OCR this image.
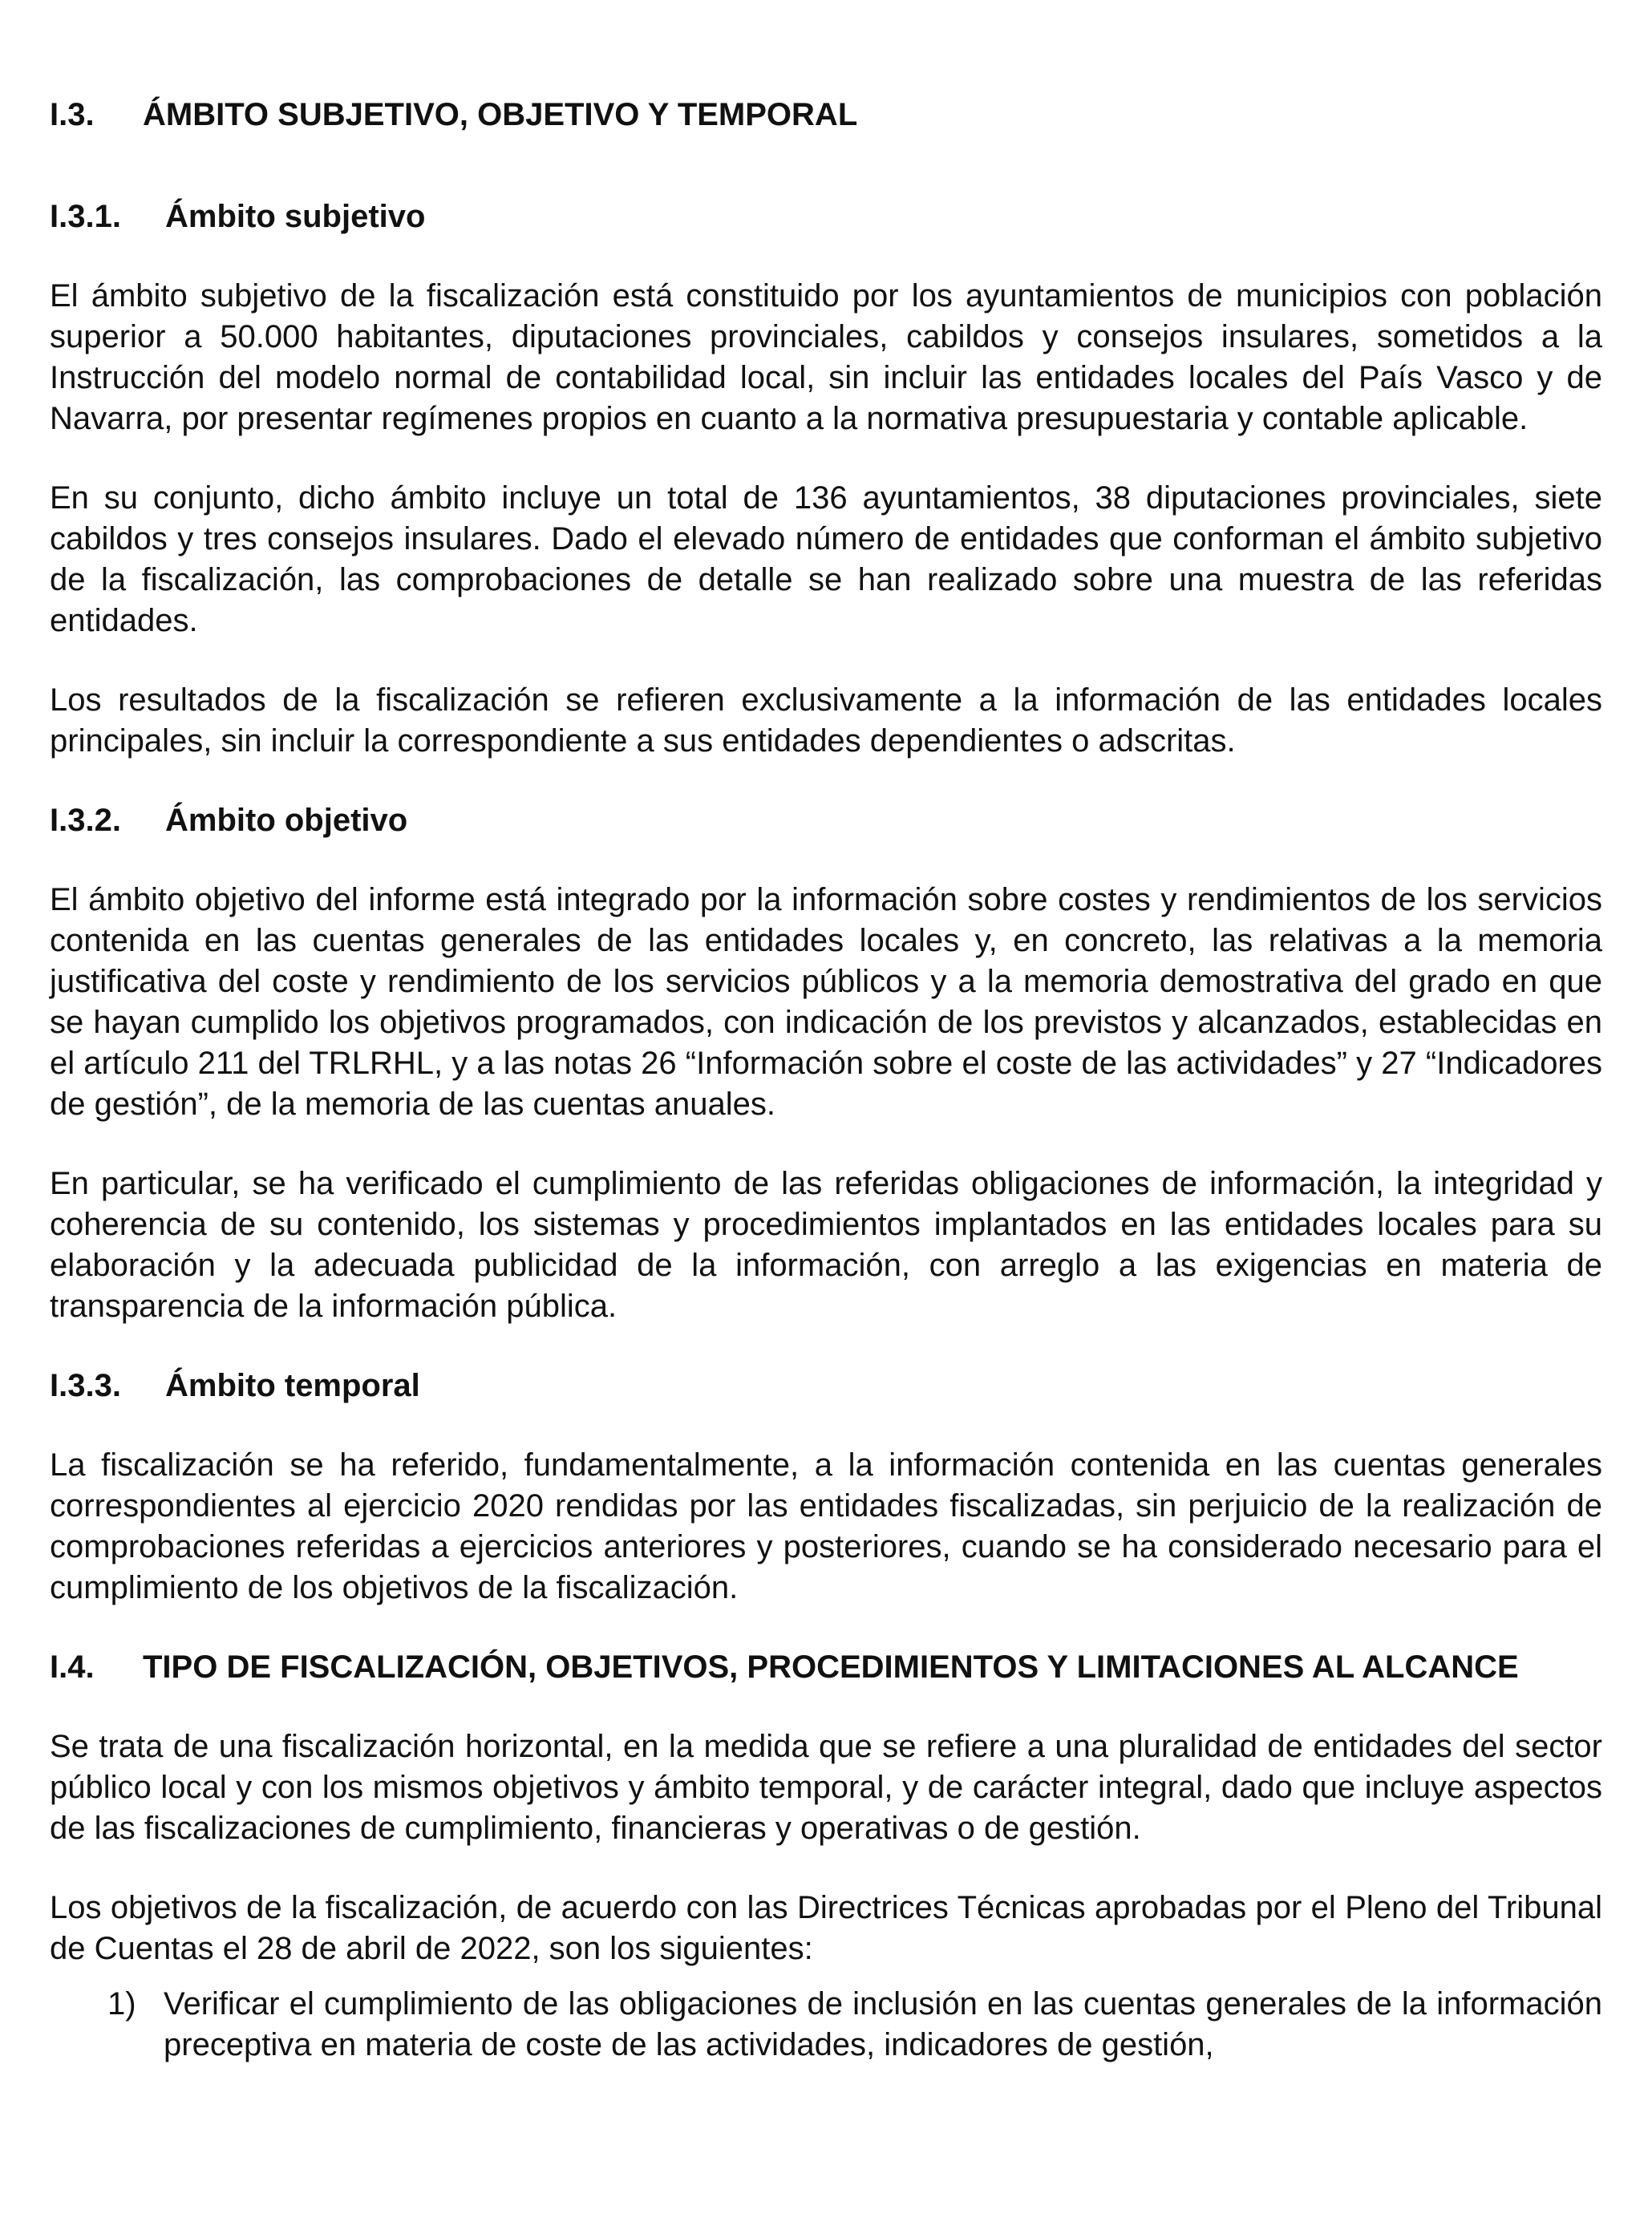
I.3.	ÁMBITO SUBJETIVO, OBJETIVO Y TEMPORAL
I.3.1.	Ámbito subjetivo

El ámbito subjetivo de la fiscalización está constituido por los ayuntamientos de municipios con población superior a 50.000 habitantes, diputaciones provinciales, cabildos y consejos insulares, sometidos a la Instrucción del modelo normal de contabilidad local, sin incluir las entidades locales del País Vasco y de Navarra, por presentar regímenes propios en cuanto a la normativa presupuestaria y contable aplicable.

En su conjunto, dicho ámbito incluye un total de 136 ayuntamientos, 38 diputaciones provinciales, siete cabildos y tres consejos insulares. Dado el elevado número de entidades que conforman el ámbito subjetivo de la fiscalización, las comprobaciones de detalle se han realizado sobre una muestra de las referidas entidades.

Los resultados de la fiscalización se refieren exclusivamente a la información de las entidades locales principales, sin incluir la correspondiente a sus entidades dependientes o adscritas.

I.3.2.	Ámbito objetivo

El ámbito objetivo del informe está integrado por la información sobre costes y rendimientos de los servicios contenida en las cuentas generales de las entidades locales y, en concreto, las relativas a la memoria justificativa del coste y rendimiento de los servicios públicos y a la memoria demostrativa del grado en que se hayan cumplido los objetivos programados, con indicación de los previstos y alcanzados, establecidas en el artículo 211 del TRLRHL, y a las notas 26 “Información sobre el coste de las actividades” y 27 “Indicadores de gestión”, de la memoria de las cuentas anuales.

En particular, se ha verificado el cumplimiento de las referidas obligaciones de información, la integridad y coherencia de su contenido, los sistemas y procedimientos implantados en las entidades locales para su elaboración y la adecuada publicidad de la información, con arreglo a las exigencias en materia de transparencia de la información pública.

I.3.3.	Ámbito temporal

La fiscalización se ha referido, fundamentalmente, a la información contenida en las cuentas generales correspondientes al ejercicio 2020 rendidas por las entidades fiscalizadas, sin perjuicio de la realización de comprobaciones referidas a ejercicios anteriores y posteriores, cuando se ha considerado necesario para el cumplimiento de los objetivos de la fiscalización.

I.4.	TIPO DE FISCALIZACIÓN, OBJETIVOS, PROCEDIMIENTOS Y LIMITACIONES AL ALCANCE

Se trata de una fiscalización horizontal, en la medida que se refiere a una pluralidad de entidades del sector público local y con los mismos objetivos y ámbito temporal, y de carácter integral, dado que incluye aspectos de las fiscalizaciones de cumplimiento, financieras y operativas o de gestión.

Los objetivos de la fiscalización, de acuerdo con las Directrices Técnicas aprobadas por el Pleno del Tribunal de Cuentas el 28 de abril de 2022, son los siguientes:

1) Verificar el cumplimiento de las obligaciones de inclusión en las cuentas generales de la información preceptiva en materia de coste de las actividades, indicadores de gestión,
